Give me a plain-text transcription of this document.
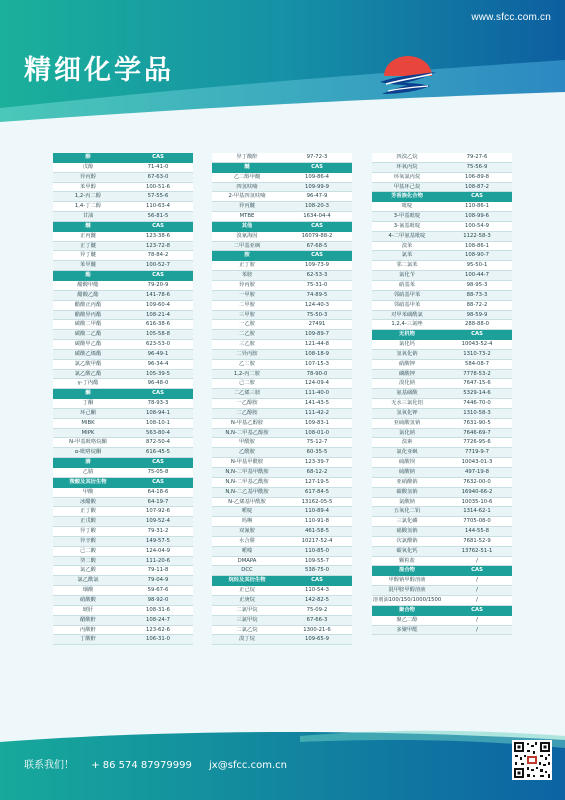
www.sfcc.com.cn
精细化学品
醇	CAS
戊醇	71-41-0
异丙醇	67-63-0
苯甲醇	100-51-6
1,2-丙二醇	57-55-6
1,4-丁二醇	110-63-4
甘油	56-81-5
醚	CAS
正丙醚	123-38-6
正丁醚	123-72-8
异丁醚	78-84-2
苯甲醚	100-52-7
酯	CAS
醋酸甲酯	79-20-9
醋酸乙酯	141-78-6
醋酸正丙酯	109-60-4
醋酸异丙酯	108-21-4
碳酸二甲酯	616-38-6
碳酸二乙酯	105-58-8
碳酸甲乙酯	623-53-0
碳酸乙烯酯	96-49-1
氯乙酸甲酯	96-34-4
氯乙酸乙酯	105-39-5
γ-丁内酯	96-48-0
酮	CAS
丁酮	78-93-3
环己酮	108-94-1
MIBK	108-10-1
MIPK	563-80-4
N-甲基吡咯烷酮	872-50-4
α-吡咯烷酮	616-45-5
腈	CAS
乙腈	75-05-8
羧酸及其衍生物	CAS
甲酸	64-18-6
冰醋酸	64-19-7
正丁酸	107-92-6
正戊酸	109-52-4
异丁酸	79-31-2
异辛酸	149-57-5
己二酸	124-04-9
癸二酸	111-20-6
氯乙酸	79-11-8
氯乙酰氯	79-04-9
烟酸	59-67-6
硝酸酸	98-92-0
琥肝	108-31-6
醋酸酐	108-24-7
丙酸酐	123-62-6
丁酸酐	106-31-0
异丁酸酐	97-72-3
醚	CAS
乙二醇甲醚	109-86-4
四氢呋喃	109-99-9
2-甲基四氢呋喃	96-47-9
异丙醚	108-20-3
MTBE	1634-04-4
其他	CAS
溴氰海因	16079-88-2
二甲基亚砜	67-68-5
胺	CAS
正丁胺	109-73-9
苯胺	62-53-3
异丙胺	75-31-0
一甲胺	74-89-5
二甲胺	124-40-3
三甲胺	75-50-3
一乙胺	27491
二乙胺	109-89-7
三乙胺	121-44-8
二异丙胺	108-18-9
乙二胺	107-15-3
1,2-丙二胺	78-90-0
己二胺	124-09-4
二乙烯三胺	111-40-0
一乙醇胺	141-43-5
二乙醇胺	111-42-2
N-甲基乙醇胺	109-83-1
N,N-二甲基乙醇胺	108-01-0
甲酰胺	75-12-7
乙酰胺	60-35-5
N-甲基甲酰胺	123-39-7
N,N-二甲基甲酰胺	68-12-2
N,N-二甲基乙酰胺	127-19-5
N,N-二乙基甲酰胺	617-84-5
N-乙烯基甲酰胺	13162-05-5
哌啶	110-89-4
吗啉	110-91-8
双氰胺	461-58-5
水合肼	10217-52-4
哌嗪	110-85-0
DMAPA	109-55-7
DCC	538-75-0
烷烃及其衍生物	CAS
正己烷	110-54-3
正庚烷	142-82-5
二氯甲烷	75-09-2
三氯甲烷	67-66-3
二氯乙烷	1300-21-6
溴丁烷	109-65-9
四溴乙烷	79-27-6
环氧丙烷	75-56-9
环氧氯丙烷	106-89-8
甲基环己烷	108-87-2
芳香族化合物	CAS
吡啶	110-86-1
3-甲基吡啶	108-99-6
3-氰基吡啶	100-54-9
4-二甲氨基吡啶	1122-58-3
溴苯	108-86-1
氯苯	108-90-7
邻二氯苯	95-50-1
氯化苄	100-44-7
硝基苯	98-95-3
邻硝基甲苯	88-73-3
邻硝基甲苯	88-72-2
对甲苯磺酰氯	98-59-9
1,2,4-三氮唑	288-88-0
无机物	CAS
氯化钙	10043-52-4
氢氧化钠	1310-73-2
硝酸钾	584-08-7
磷酸钾	7778-53-2
溴化钠	7647-15-6
氨基磺酸	5329-14-6
无水三氯化铝	7446-70-0
氢氧化钾	1310-58-3
亚硫酸氢钠	7631-90-5
氯化钠	7646-69-7
溴素	7726-95-6
氯化亚砜	7719-9-7
硫酸钡	10043-01-3
硫酸钠	497-19-8
亚硝酸钠	7632-00-0
碳酸氢钠	16940-66-2
氯酸钠	10035-10-6
五氧化二钒	1314-62-1
三氯化磷	7705-08-0
硝酸氢钠	144-55-8
次氯酸钠	7681-52-9
碳氧化钙	13762-51-1
颗粒盐	/
混合物	CAS
甲醇钠甲醇溶液	/
混甲胺甲醇溶液	/
溶剂油100/150/1000/1500	/
聚合物	CAS
聚乙二醇	/
多聚甲醛	/
联系我们！ + 86 574 87979999 jx@sfcc.com.cn
